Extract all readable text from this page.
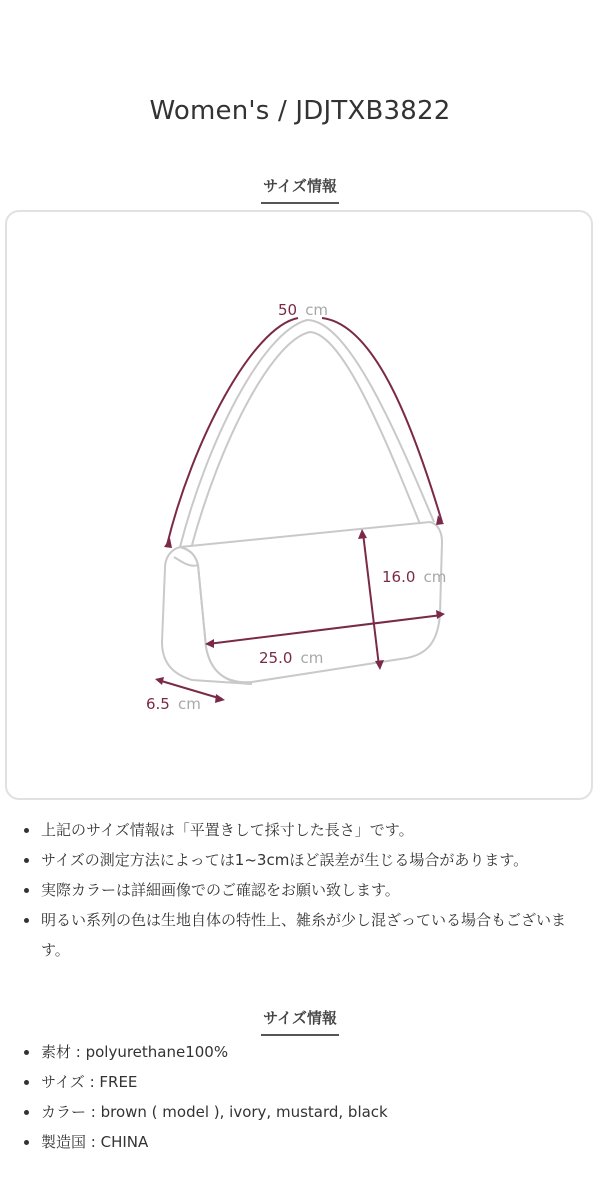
Women's / JDJTXB3822
サイズ情報
50 cm
16.0 cm
25.0 cm
6.5 cm
上記のサイズ情報は「平置きして採寸した長さ」です。
サイズの測定方法によっては1~3cmほど誤差が生じる場合があります。
実際カラーは詳細画像でのご確認をお願い致します。
明るい系列の色は生地自体の特性上、雑糸が少し混ざっている場合もございます。
サイズ情報
素材 : polyurethane100%
サイズ : FREE
カラー : brown ( model ), ivory, mustard, black
製造国 : CHINA
